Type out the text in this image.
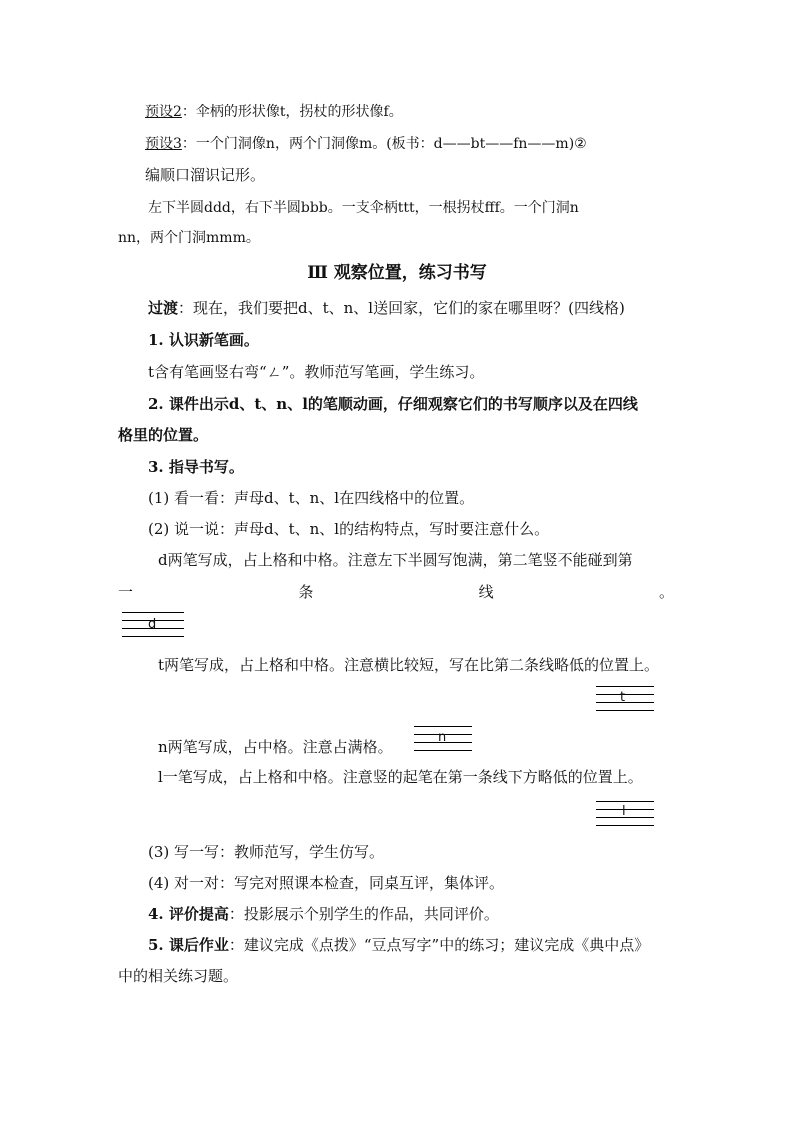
预设2：伞柄的形状像t，拐杖的形状像f。
预设3：一个门洞像n，两个门洞像m。(板书：d——bt——fn——m)②
编顺口溜识记形。
左下半圆ddd，右下半圆bbb。一支伞柄ttt，一根拐杖fff。一个门洞n
nn，两个门洞mmm。
Ⅲ 观察位置，练习书写
过渡：现在，我们要把d、t、n、l送回家，它们的家在哪里呀？(四线格)
1. 认识新笔画。
t含有笔画竖右弯“ㄥ”。教师范写笔画，学生练习。
2. 课件出示d、t、n、l的笔顺动画，仔细观察它们的书写顺序以及在四线
格里的位置。
3. 指导书写。
(1) 看一看：声母d、t、n、l在四线格中的位置。
(2) 说一说：声母d、t、n、l的结构特点，写时要注意什么。
d两笔写成，占上格和中格。注意左下半圆写饱满，第二笔竖不能碰到第
一	条	线	。
d
t两笔写成，占上格和中格。注意横比较短，写在比第二条线略低的位置上。
t
n两笔写成，占中格。注意占满格。
n
l一笔写成，占上格和中格。注意竖的起笔在第一条线下方略低的位置上。
l
(3) 写一写：教师范写，学生仿写。
(4) 对一对：写完对照课本检查，同桌互评，集体评。
4. 评价提高：投影展示个别学生的作品，共同评价。
5. 课后作业：建议完成《点拨》“豆点写字”中的练习；建议完成《典中点》
中的相关练习题。
